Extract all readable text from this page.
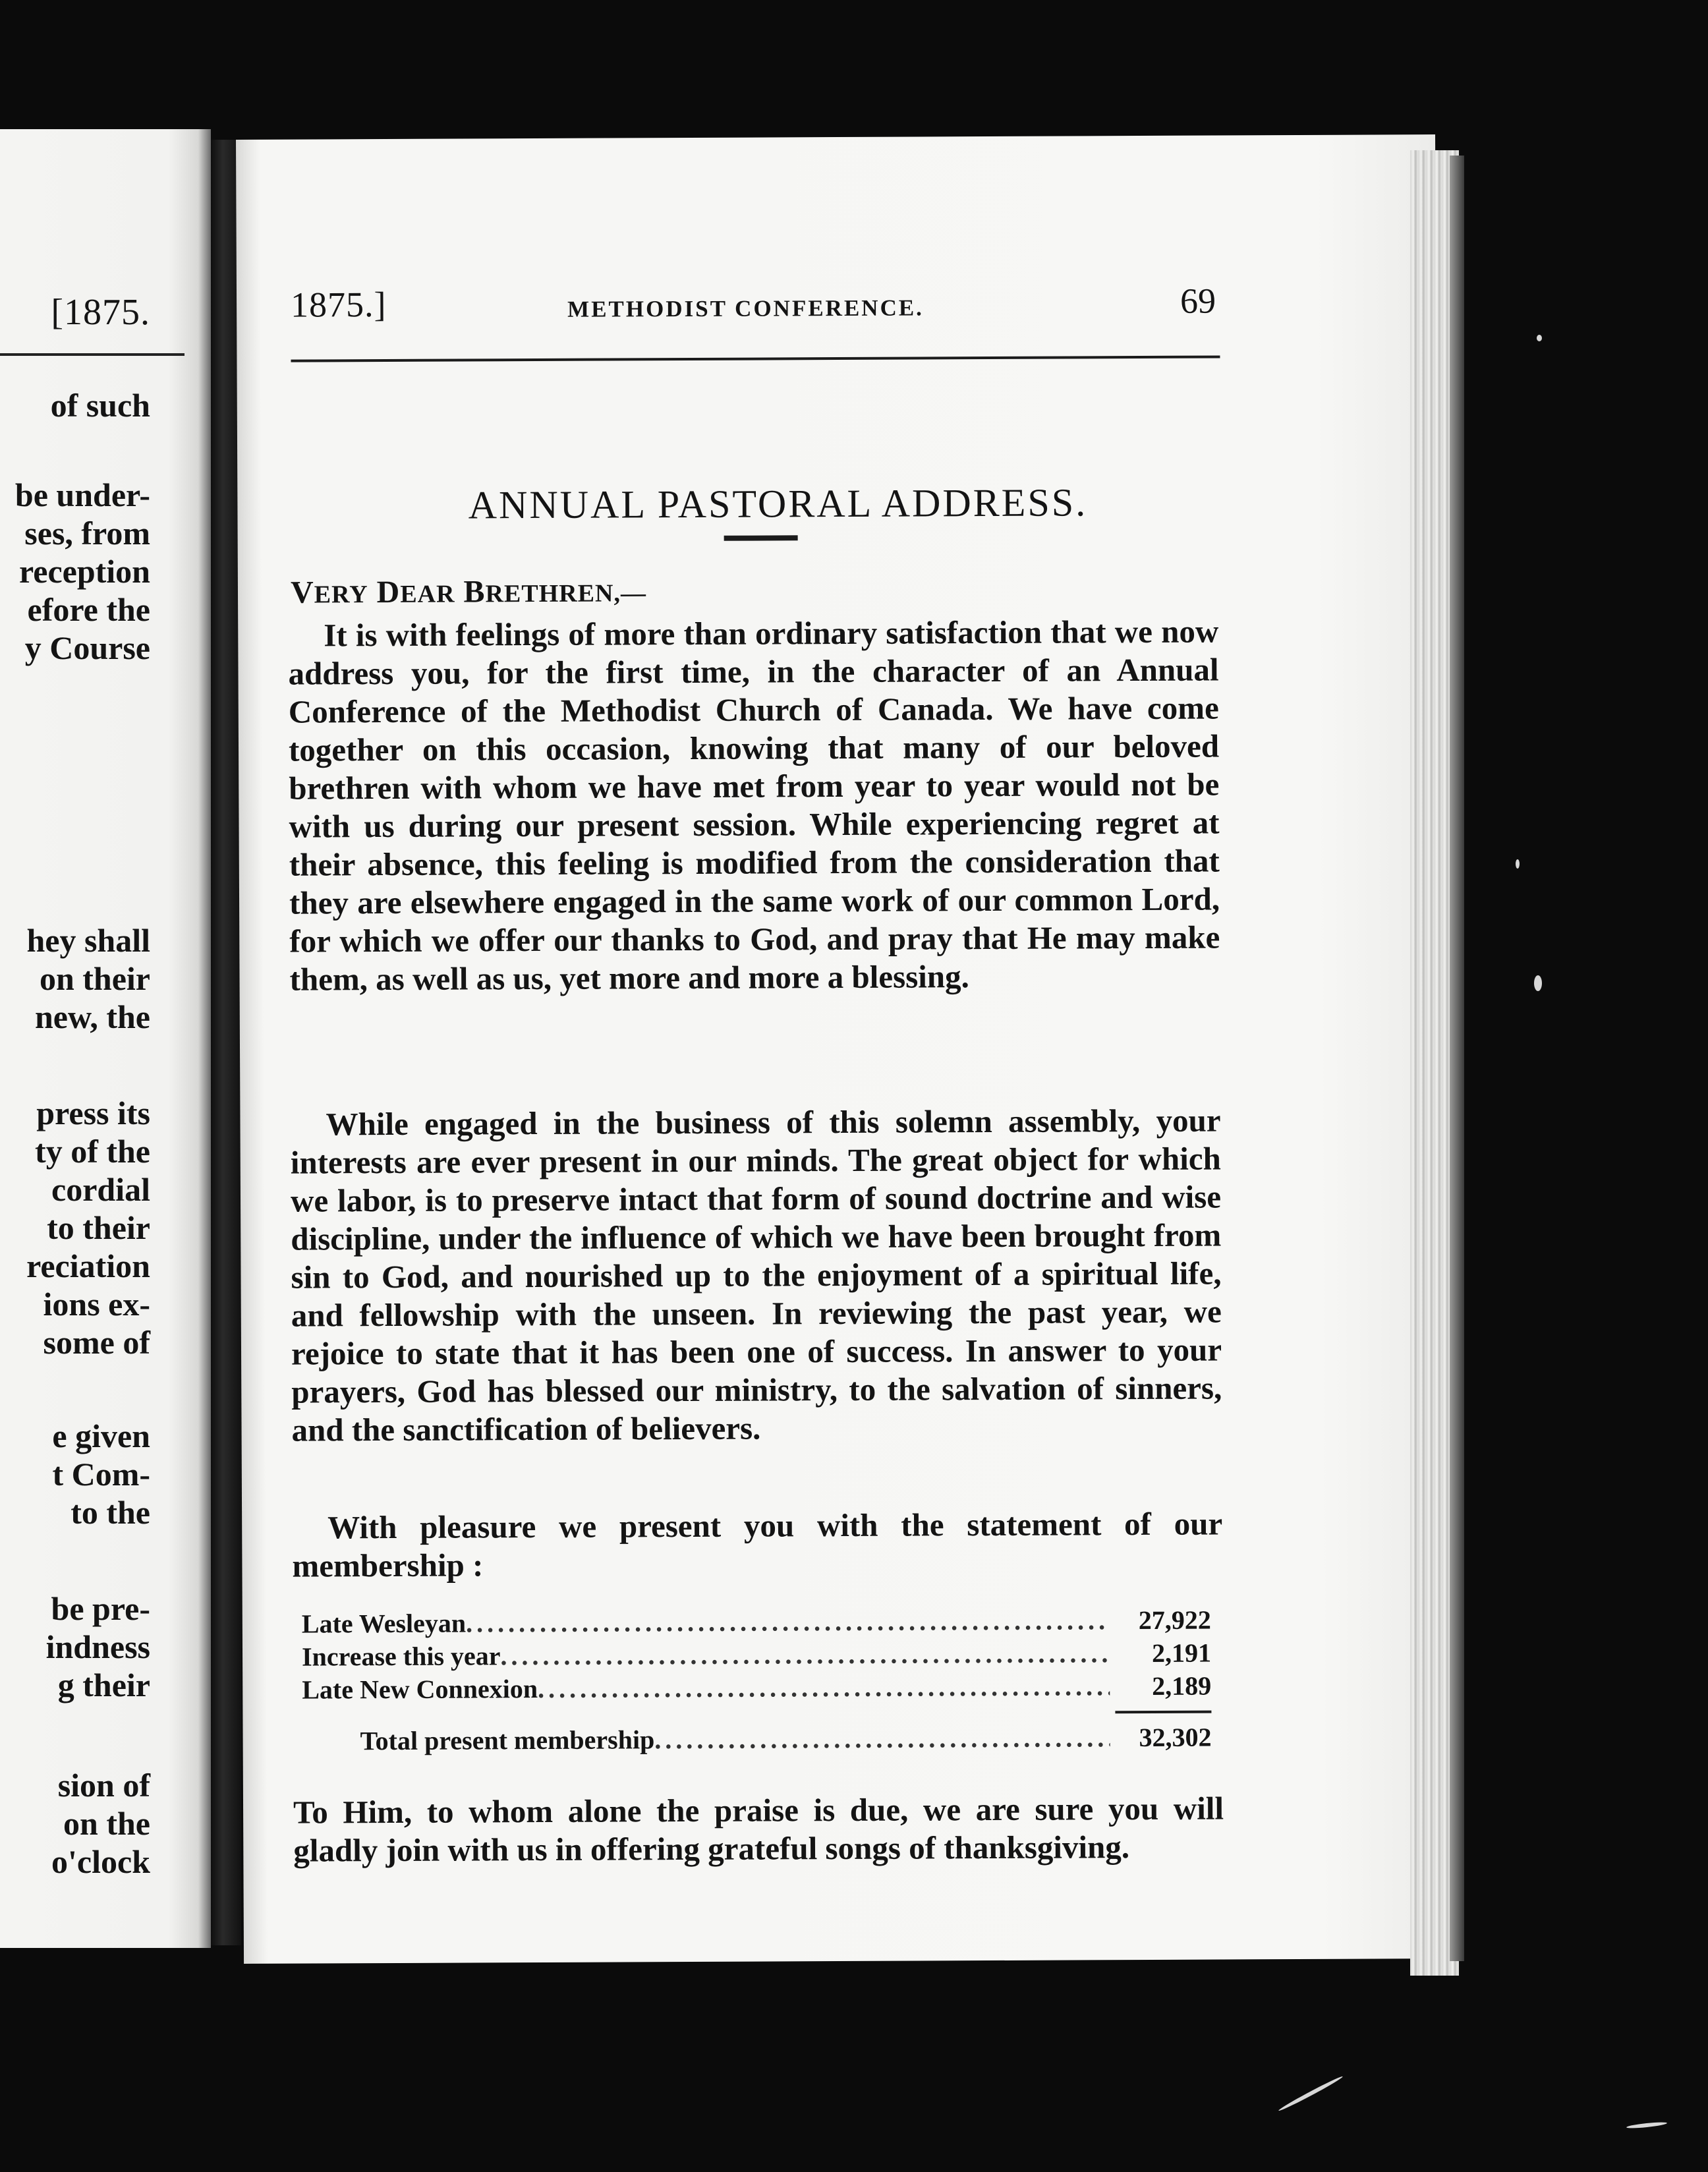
[1875.
of such
be under-
ses, from
reception
efore the
y Course
hey shall
on their
new, the
press its
ty of the
cordial
to their
reciation
ions ex-
some of
e given
t Com-
to the
be pre-
indness
g their
sion of
on the
o'clock
1875.]	METHODIST CONFERENCE.	69
ANNUAL PASTORAL ADDRESS.
VERY DEAR BRETHREN,—

It is with feelings of more than ordinary satisfaction that we now address you, for the first time, in the character of an Annual Conference of the Methodist Church of Canada. We have come together on this occasion, knowing that many of our beloved brethren with whom we have met from year to year would not be with us during our present session. While experiencing regret at their absence, this feeling is modified from the consideration that they are elsewhere engaged in the same work of our common Lord, for which we offer our thanks to God, and pray that He may make them, as well as us, yet more and more a blessing.

While engaged in the business of this solemn assembly, your interests are ever present in our minds. The great object for which we labor, is to preserve intact that form of sound doctrine and wise discipline, under the influence of which we have been brought from sin to God, and nourished up to the enjoyment of a spiritual life, and fellowship with the unseen. In reviewing the past year, we rejoice to state that it has been one of success. In answer to your prayers, God has blessed our ministry, to the salvation of sinners, and the sanctification of believers.

With pleasure we present you with the statement of our membership :

Late Wesleyan .....	27,922
Increase this year .....	2,191
Late New Connexion .....	2,189
Total present membership .....	32,302

To Him, to whom alone the praise is due, we are sure you will gladly join with us in offering grateful songs of thanksgiving.
